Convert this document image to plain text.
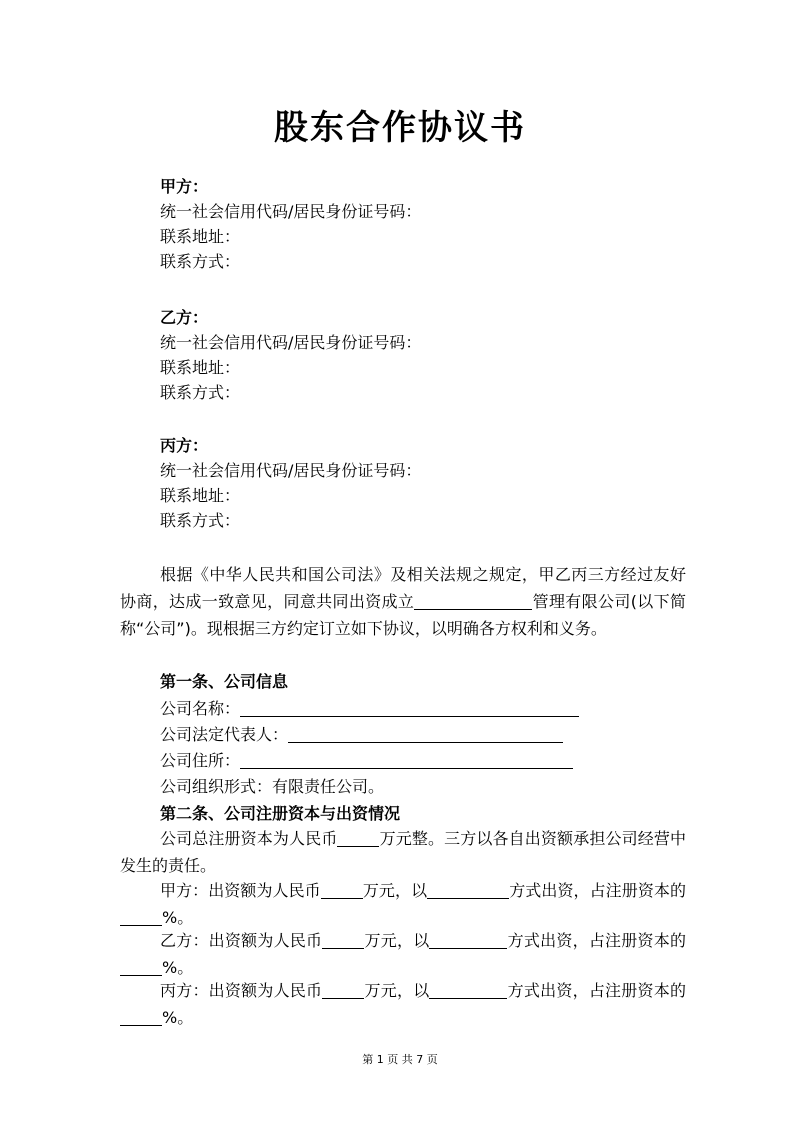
股东合作协议书
甲方：
统一社会信用代码/居民身份证号码：
联系地址：
联系方式：
乙方：
统一社会信用代码/居民身份证号码：
联系地址：
联系方式：
丙方：
统一社会信用代码/居民身份证号码：
联系地址：
联系方式：

根据《中华人民共和国公司法》及相关法规之规定，甲乙丙三方经过友好协商，达成一致意见，同意共同出资成立	管理有限公司(以下简称“公司”)。现根据三方约定订立如下协议，以明确各方权利和义务。

第一条、公司信息
公司名称：
公司法定代表人：
公司住所：
公司组织形式：有限责任公司。
第二条、公司注册资本与出资情况

公司总注册资本为人民币	万元整。三方以各自出资额承担公司经营中发生的责任。

甲方：出资额为人民币	万元，以	方式出资，占注册资本的%。

乙方：出资额为人民币	万元，以	方式出资，占注册资本的%。

丙方：出资额为人民币	万元，以	方式出资，占注册资本的%。

第 1 页 共 7 页
